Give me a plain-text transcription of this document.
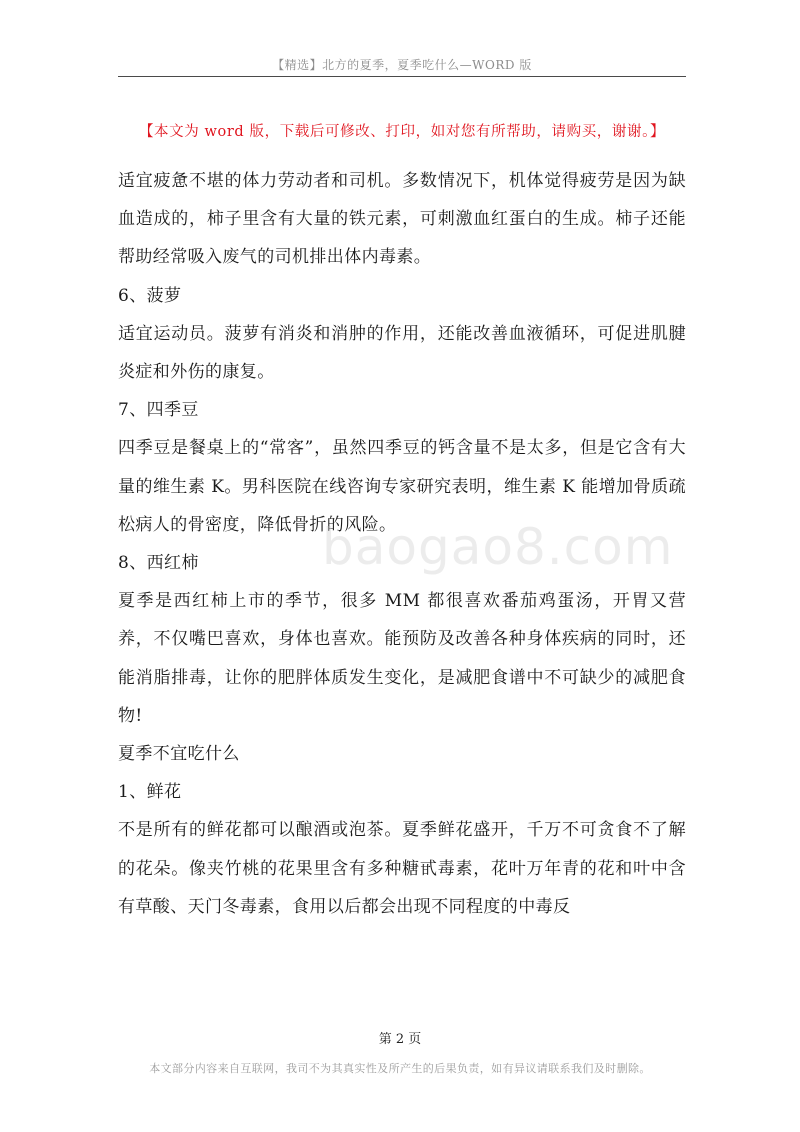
【精选】北方的夏季，夏季吃什么—WORD 版
【本文为 word 版，下载后可修改、打印，如对您有所帮助，请购买，谢谢。】

适宜疲惫不堪的体力劳动者和司机。多数情况下，机体觉得疲劳是因为缺血造成的，柿子里含有大量的铁元素，可刺激血红蛋白的生成。柿子还能帮助经常吸入废气的司机排出体内毒素。

6、菠萝

适宜运动员。菠萝有消炎和消肿的作用，还能改善血液循环，可促进肌腱炎症和外伤的康复。

7、四季豆

四季豆是餐桌上的“常客”，虽然四季豆的钙含量不是太多，但是它含有大量的维生素 K。男科医院在线咨询专家研究表明，维生素 K 能增加骨质疏松病人的骨密度，降低骨折的风险。

8、西红柿

夏季是西红柿上市的季节，很多 MM 都很喜欢番茄鸡蛋汤，开胃又营养，不仅嘴巴喜欢，身体也喜欢。能预防及改善各种身体疾病的同时，还能消脂排毒，让你的肥胖体质发生变化，是减肥食谱中不可缺少的减肥食物!

夏季不宜吃什么

1、鲜花

不是所有的鲜花都可以酿酒或泡茶。夏季鲜花盛开，千万不可贪食不了解的花朵。像夹竹桃的花果里含有多种糖甙毒素，花叶万年青的花和叶中含有草酸、天门冬毒素，食用以后都会出现不同程度的中毒反

baogao8.com
第 2 页
本文部分内容来自互联网，我司不为其真实性及所产生的后果负责，如有异议请联系我们及时删除。
